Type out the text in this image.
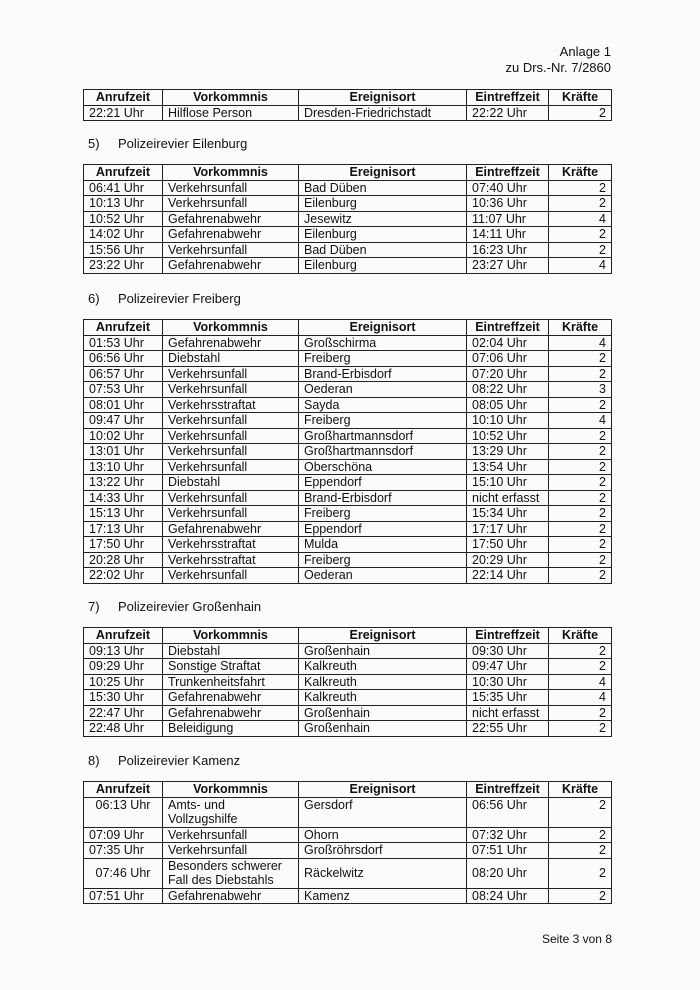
Anlage 1
zu Drs.-Nr. 7/2860
Anrufzeit	Vorkommnis	Ereignisort	Eintreffzeit	Kräfte
22:21 Uhr	Hilflose Person	Dresden-Friedrichstadt	22:22 Uhr	2
5) Polizeirevier Eilenburg
Anrufzeit	Vorkommnis	Ereignisort	Eintreffzeit	Kräfte
06:41 Uhr	Verkehrsunfall	Bad Düben	07:40 Uhr	2
10:13 Uhr	Verkehrsunfall	Eilenburg	10:36 Uhr	2
10:52 Uhr	Gefahrenabwehr	Jesewitz	11:07 Uhr	4
14:02 Uhr	Gefahrenabwehr	Eilenburg	14:11 Uhr	2
15:56 Uhr	Verkehrsunfall	Bad Düben	16:23 Uhr	2
23:22 Uhr	Gefahrenabwehr	Eilenburg	23:27 Uhr	4
6) Polizeirevier Freiberg
Anrufzeit	Vorkommnis	Ereignisort	Eintreffzeit	Kräfte
01:53 Uhr	Gefahrenabwehr	Großschirma	02:04 Uhr	4
06:56 Uhr	Diebstahl	Freiberg	07:06 Uhr	2
06:57 Uhr	Verkehrsunfall	Brand-Erbisdorf	07:20 Uhr	2
07:53 Uhr	Verkehrsunfall	Oederan	08:22 Uhr	3
08:01 Uhr	Verkehrsstraftat	Sayda	08:05 Uhr	2
09:47 Uhr	Verkehrsunfall	Freiberg	10:10 Uhr	4
10:02 Uhr	Verkehrsunfall	Großhartmannsdorf	10:52 Uhr	2
13:01 Uhr	Verkehrsunfall	Großhartmannsdorf	13:29 Uhr	2
13:10 Uhr	Verkehrsunfall	Oberschöna	13:54 Uhr	2
13:22 Uhr	Diebstahl	Eppendorf	15:10 Uhr	2
14:33 Uhr	Verkehrsunfall	Brand-Erbisdorf	nicht erfasst	2
15:13 Uhr	Verkehrsunfall	Freiberg	15:34 Uhr	2
17:13 Uhr	Gefahrenabwehr	Eppendorf	17:17 Uhr	2
17:50 Uhr	Verkehrsstraftat	Mulda	17:50 Uhr	2
20:28 Uhr	Verkehrsstraftat	Freiberg	20:29 Uhr	2
22:02 Uhr	Verkehrsunfall	Oederan	22:14 Uhr	2
7) Polizeirevier Großenhain
Anrufzeit	Vorkommnis	Ereignisort	Eintreffzeit	Kräfte
09:13 Uhr	Diebstahl	Großenhain	09:30 Uhr	2
09:29 Uhr	Sonstige Straftat	Kalkreuth	09:47 Uhr	2
10:25 Uhr	Trunkenheitsfahrt	Kalkreuth	10:30 Uhr	4
15:30 Uhr	Gefahrenabwehr	Kalkreuth	15:35 Uhr	4
22:47 Uhr	Gefahrenabwehr	Großenhain	nicht erfasst	2
22:48 Uhr	Beleidigung	Großenhain	22:55 Uhr	2
8) Polizeirevier Kamenz
Anrufzeit	Vorkommnis	Ereignisort	Eintreffzeit	Kräfte
06:13 Uhr	Amts- und Vollzugshilfe	Gersdorf	06:56 Uhr	2
07:09 Uhr	Verkehrsunfall	Ohorn	07:32 Uhr	2
07:35 Uhr	Verkehrsunfall	Großröhrsdorf	07:51 Uhr	2
07:46 Uhr	Besonders schwerer Fall des Diebstahls	Räckelwitz	08:20 Uhr	2
07:51 Uhr	Gefahrenabwehr	Kamenz	08:24 Uhr	2
Seite 3 von 8
